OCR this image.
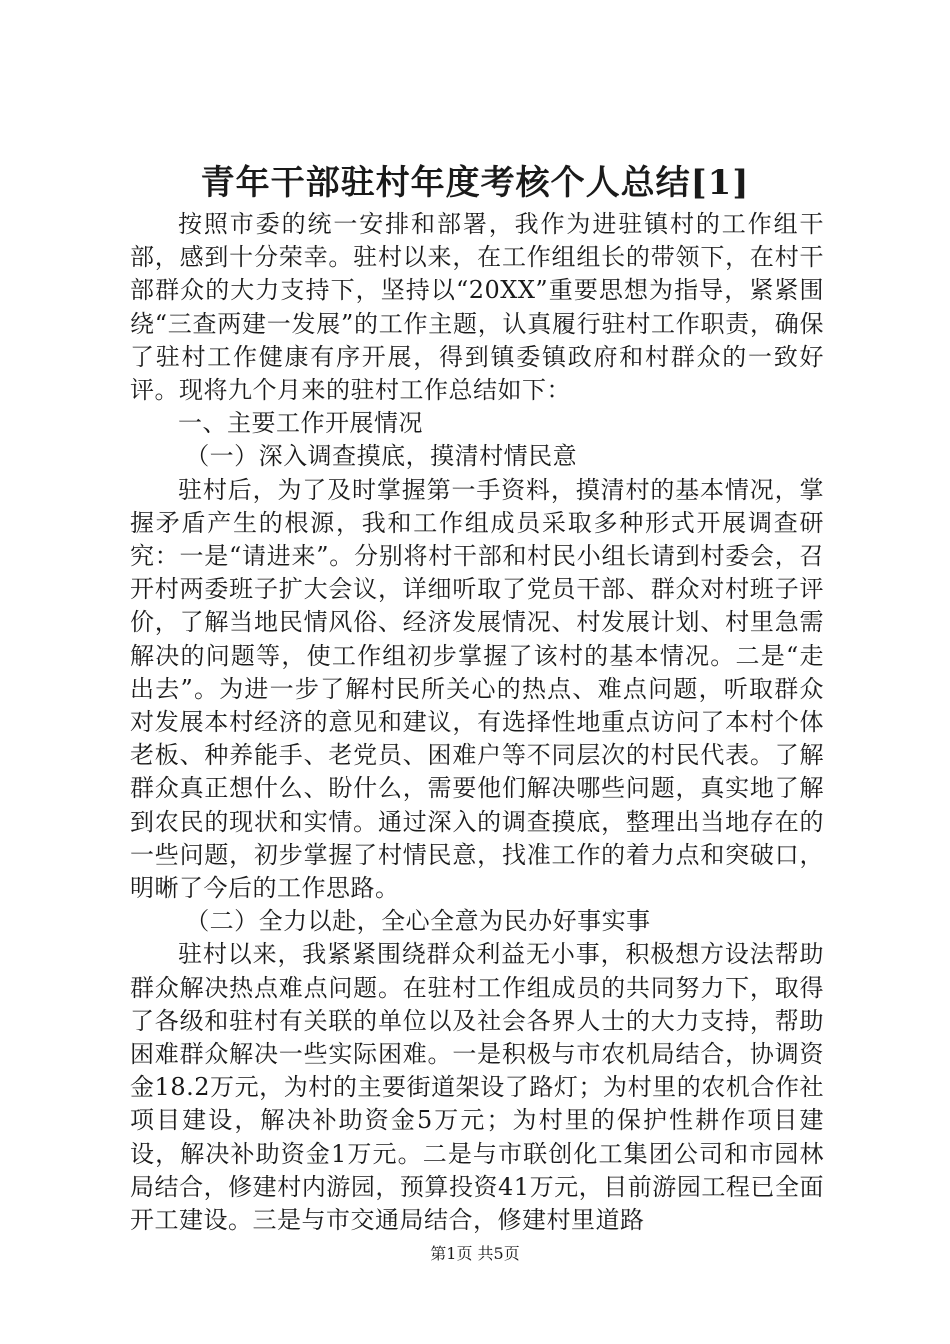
青年干部驻村年度考核个人总结[1]

按照市委的统一安排和部署，我作为进驻镇村的工作组干部，感到十分荣幸。驻村以来，在工作组组长的带领下，在村干部群众的大力支持下，坚持以“20XX”重要思想为指导，紧紧围绕“三查两建一发展”的工作主题，认真履行驻村工作职责，确保了驻村工作健康有序开展，得到镇委镇政府和村群众的一致好评。现将九个月来的驻村工作总结如下：

一、主要工作开展情况

（一）深入调查摸底，摸清村情民意

驻村后，为了及时掌握第一手资料，摸清村的基本情况，掌握矛盾产生的根源，我和工作组成员采取多种形式开展调查研究：一是“请进来”。分别将村干部和村民小组长请到村委会，召开村两委班子扩大会议，详细听取了党员干部、群众对村班子评价，了解当地民情风俗、经济发展情况、村发展计划、村里急需解决的问题等，使工作组初步掌握了该村的基本情况。二是“走出去”。为进一步了解村民所关心的热点、难点问题，听取群众对发展本村经济的意见和建议，有选择性地重点访问了本村个体老板、种养能手、老党员、困难户等不同层次的村民代表。了解群众真正想什么、盼什么，需要他们解决哪些问题，真实地了解到农民的现状和实情。通过深入的调查摸底，整理出当地存在的一些问题，初步掌握了村情民意，找准工作的着力点和突破口，明晰了今后的工作思路。

（二）全力以赴，全心全意为民办好事实事

驻村以来，我紧紧围绕群众利益无小事，积极想方设法帮助群众解决热点难点问题。在驻村工作组成员的共同努力下，取得了各级和驻村有关联的单位以及社会各界人士的大力支持，帮助困难群众解决一些实际困难。一是积极与市农机局结合，协调资金18.2万元，为村的主要街道架设了路灯；为村里的农机合作社项目建设，解决补助资金5万元；为村里的保护性耕作项目建设，解决补助资金1万元。二是与市联创化工集团公司和市园林局结合，修建村内游园，预算投资41万元，目前游园工程已全面开工建设。三是与市交通局结合，修建村里道路

第1页 共5页
